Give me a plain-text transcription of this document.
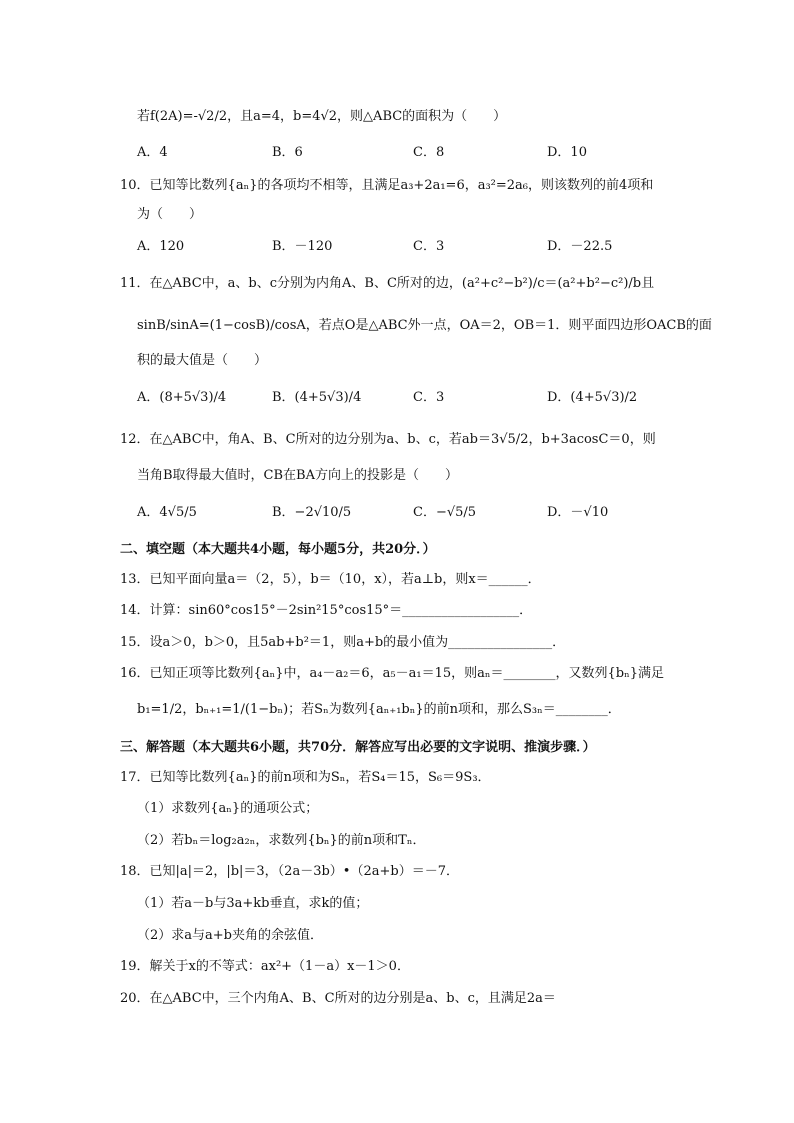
若f(2A)=-√2/2，且a=4，b=4√2，则△ABC的面积为（　　）
A．4	B．6	C．8	D．10
10．已知等比数列{aₙ}的各项均不相等，且满足a₃+2a₁=6，a₃²=2a₆，则该数列的前4项和
为（　　）
A．120	B．－120	C．3	D．－22.5
11．在△ABC中，a、b、c分别为内角A、B、C所对的边，(a²+c²−b²)/c＝(a²+b²−c²)/b且
sinB/sinA=(1−cosB)/cosA，若点O是△ABC外一点，OA＝2，OB＝1．则平面四边形OACB的面
积的最大值是（　　）
A．(8+5√3)/4	B．(4+5√3)/4	C．3	D．(4+5√3)/2
12．在△ABC中，角A、B、C所对的边分别为a、b、c，若ab＝3√5/2，b+3acosC＝0，则
当角B取得最大值时，CB在BA方向上的投影是（　　）
A．4√5/5	B．−2√10/5	C．−√5/5	D．－√10
二、填空题（本大题共4小题，每小题5分，共20分．）
13．已知平面向量a＝（2，5），b＝（10，x），若a⊥b，则x＝______．
14．计算：sin60°cos15°－2sin²15°cos15°＝__________________．
15．设a＞0，b＞0，且5ab+b²＝1，则a+b的最小值为________________．
16．已知正项等比数列{aₙ}中，a₄－a₂＝6，a₅－a₁＝15，则aₙ＝________，又数列{bₙ}满足
b₁=1/2，bₙ₊₁=1/(1−bₙ)；若Sₙ为数列{aₙ₊₁bₙ}的前n项和，那么S₃ₙ＝________．
三、解答题（本大题共6小题，共70分．解答应写出必要的文字说明、推演步骤．）
17．已知等比数列{aₙ}的前n项和为Sₙ，若S₄＝15，S₆＝9S₃．
（1）求数列{aₙ}的通项公式；
（2）若bₙ＝log₂a₂ₙ，求数列{bₙ}的前n项和Tₙ．
18．已知|a|＝2，|b|＝3，（2a－3b）•（2a+b）＝－7．
（1）若a－b与3a+kb垂直，求k的值；
（2）求a与a+b夹角的余弦值．
19．解关于x的不等式：ax²+（1－a）x－1＞0．
20．在△ABC中，三个内角A、B、C所对的边分别是a、b、c，且满足2a＝
